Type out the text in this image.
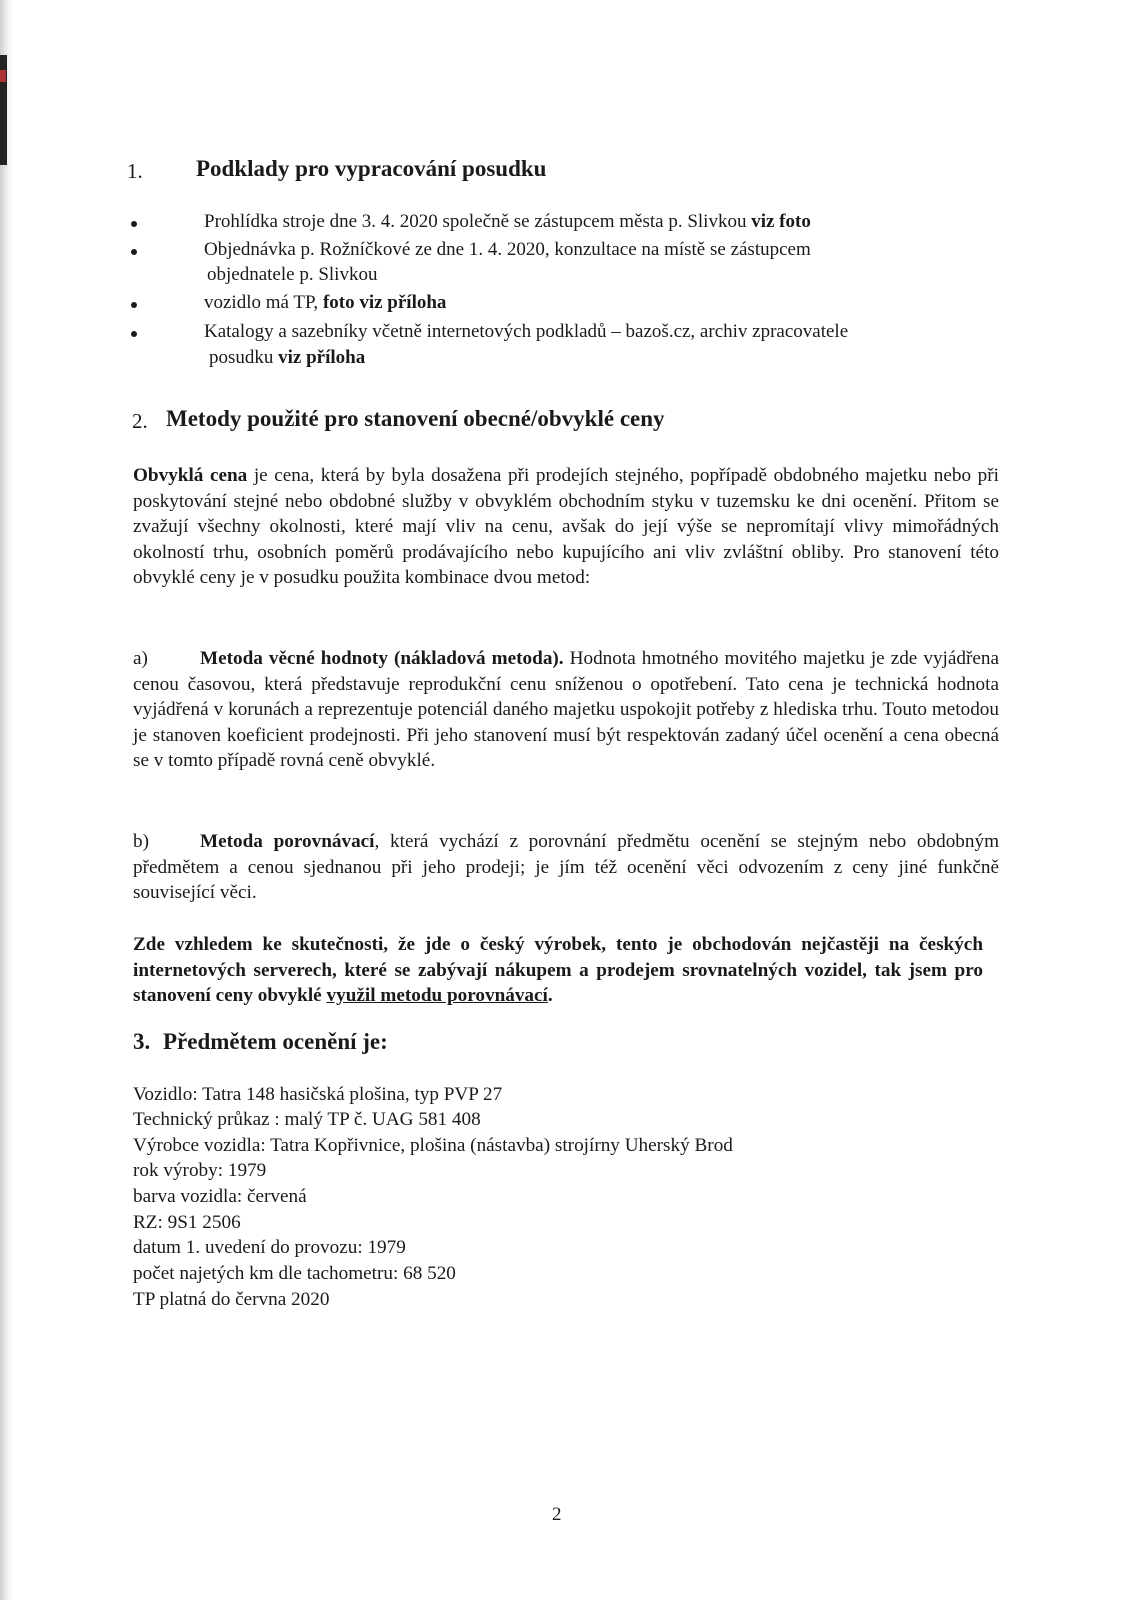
1. Podklady pro vypracování posudku
Prohlídka stroje dne 3. 4. 2020 společně se zástupcem města p. Slivkou viz foto
Objednávka p. Rožníčkové ze dne 1. 4. 2020, konzultace na místě se zástupcem
objednatele p. Slivkou
vozidlo má TP, foto viz příloha
Katalogy a sazebníky včetně internetových podkladů – bazoš.cz, archiv zpracovatele
posudku viz příloha
2. Metody použité pro stanovení obecné/obvyklé ceny
Obvyklá cena je cena, která by byla dosažena při prodejích stejného, popřípadě obdobného majetku nebo při poskytování stejné nebo obdobné služby v obvyklém obchodním styku v tuzemsku ke dni ocenění. Přitom se zvažují všechny okolnosti, které mají vliv na cenu, avšak do její výše se nepromítají vlivy mimořádných okolností trhu, osobních poměrů prodávajícího nebo kupujícího ani vliv zvláštní obliby. Pro stanovení této obvyklé ceny je v posudku použita kombinace dvou metod:
a)	Metoda věcné hodnoty (nákladová metoda). Hodnota hmotného movitého majetku je zde vyjádřena cenou časovou, která představuje reprodukční cenu sníženou o opotřebení. Tato cena je technická hodnota vyjádřená v korunách a reprezentuje potenciál daného majetku uspokojit potřeby z hlediska trhu. Touto metodou je stanoven koeficient prodejnosti. Při jeho stanovení musí být respektován zadaný účel ocenění a cena obecná se v tomto případě rovná ceně obvyklé.
b)	Metoda porovnávací, která vychází z porovnání předmětu ocenění se stejným nebo obdobným předmětem a cenou sjednanou při jeho prodeji; je jím též ocenění věci odvozením z ceny jiné funkčně související věci.
Zde vzhledem ke skutečnosti, že jde o český výrobek, tento je obchodován nejčastěji na českých internetových serverech, které se zabývají nákupem a prodejem srovnatelných vozidel, tak jsem pro stanovení ceny obvyklé využil metodu porovnávací.
3. Předmětem ocenění je:
Vozidlo: Tatra 148 hasičská plošina, typ PVP 27
Technický průkaz : malý TP č. UAG 581 408
Výrobce vozidla: Tatra Kopřivnice, plošina (nástavba) strojírny Uherský Brod
rok výroby: 1979
barva vozidla: červená
RZ: 9S1 2506
datum 1. uvedení do provozu: 1979
počet najetých km dle tachometru: 68 520
TP platná do června 2020
2
